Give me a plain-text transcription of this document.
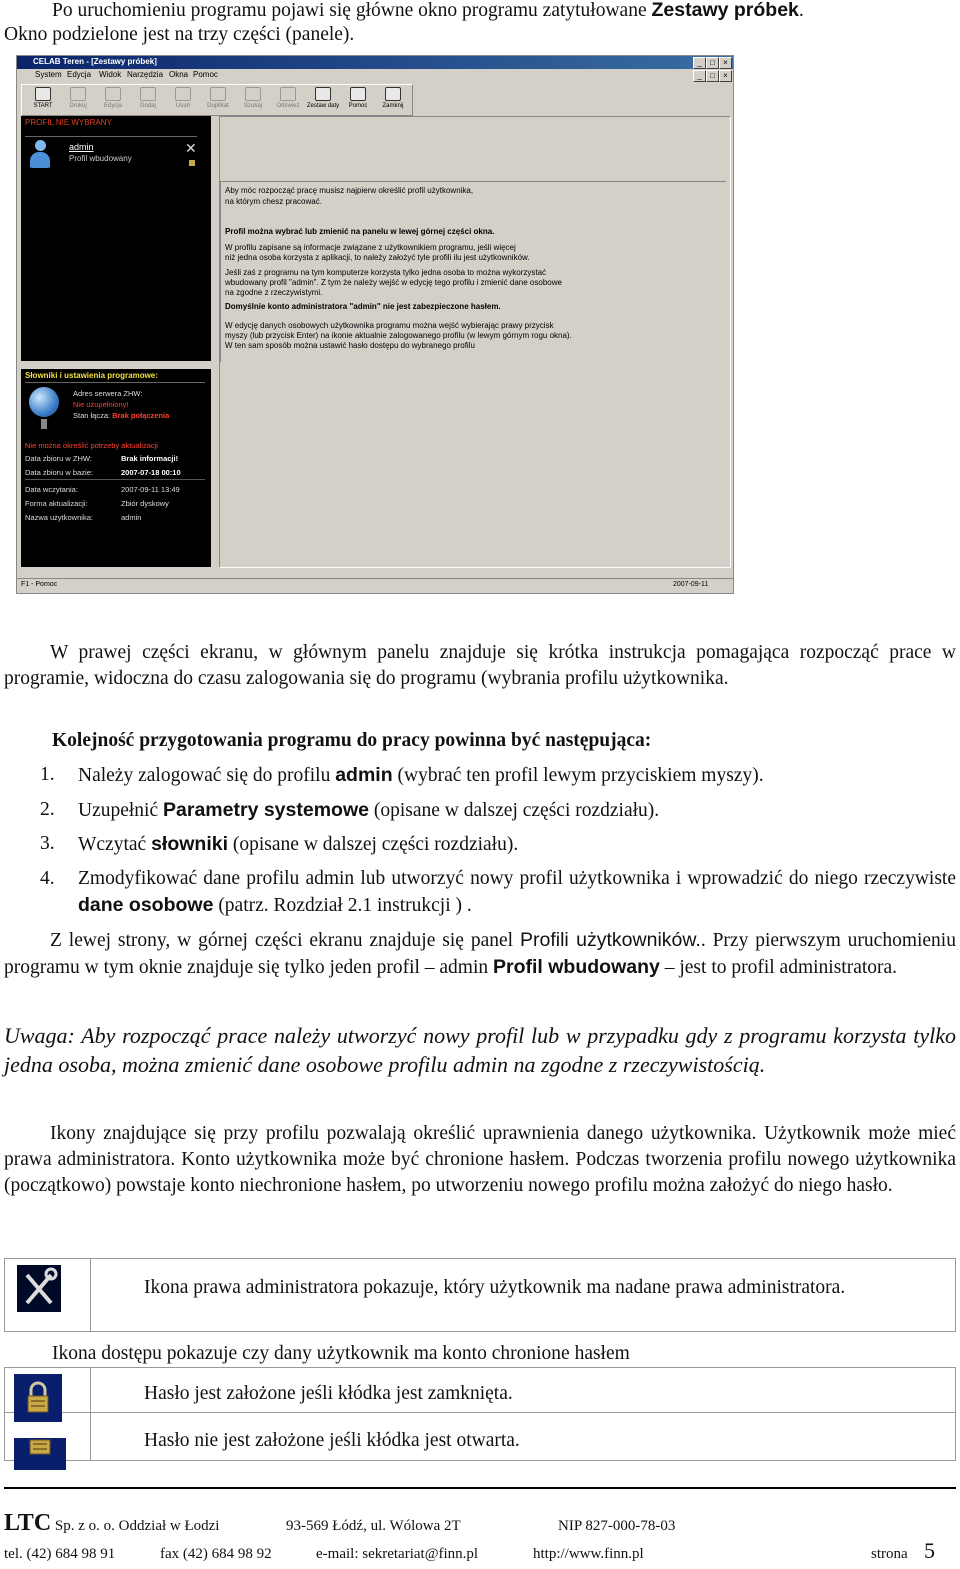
Po uruchomieniu programu pojawi się główne okno programu zatytułowane Zestawy próbek.
Okno podzielone jest na trzy części (panele).
CELAB Teren - [Zestawy próbek]	_	□	×
System Edycja Widok Narzędzia Okna Pomoc	_	□	×
START	Drukuj	Edycja	Dodaj	Usuń	Duplikat	Szukaj	Odśwież	Zestaw daty	Pomoc	Zamknij
PROFIL NIE WYBRANY
admin
Profil wbudowany
✕
Słowniki i ustawienia programowe:
Adres serwera ZHW:
Nie uzupełniony!
Stan łącza: Brak połączenia
Nie można określić potrzeby aktualizacji
Data zbioru w ZHW:	Brak informacji!
Data zbioru w bazie:	2007-07-18 00:10
Data wczytania:	2007-09-11 13:49
Forma aktualizacji:	Zbiór dyskowy
Nazwa użytkownika:	admin
Aby móc rozpocząć pracę musisz najpierw określić profil użytkownika,
na którym chesz pracować.
Profil można wybrać lub zmienić na panelu w lewej górnej części okna.
W profilu zapisane są informacje związane z użytkownikiem programu, jeśli więcej
niż jedna osoba korzysta z aplikacji, to należy założyć tyle profili ilu jest użytkowników.
Jeśli zaś z programu na tym komputerze korzysta tylko jedna osoba to można wykorzystać
wbudowany profil "admin". Z tym że należy wejść w edycję tego profilu i zmienić dane osobowe
na zgodne z rzeczywistymi.
Domyślnie konto administratora "admin" nie jest zabezpieczone hasłem.
W edycję danych osobowych użytkownika programu można wejść wybierając prawy przycisk
myszy (lub przycisk Enter) na ikonie aktualnie zalogowanego profilu (w lewym górnym rogu okna).
W ten sam sposób można ustawić hasło dostępu do wybranego profilu
F1 - Pomoc	2007-09-11
W prawej części ekranu, w głównym panelu znajduje się krótka instrukcja pomagająca rozpocząć prace w programie, widoczna do czasu zalogowania się do programu (wybrania profilu użytkownika.
Kolejność przygotowania programu do pracy powinna być następująca:
1. Należy zalogować się do profilu admin (wybrać ten profil lewym przyciskiem myszy).
2. Uzupełnić Parametry systemowe (opisane w dalszej części rozdziału).
3. Wczytać słowniki (opisane w dalszej części rozdziału).
4. Zmodyfikować dane profilu admin lub utworzyć nowy profil użytkownika i wprowadzić do niego rzeczywiste dane osobowe (patrz. Rozdział 2.1 instrukcji ) .
Z lewej strony, w górnej części ekranu znajduje się panel Profili użytkowników.. Przy pierwszym uruchomieniu programu w tym oknie znajduje się tylko jeden profil – admin Profil wbudowany – jest to profil administratora.
Uwaga: Aby rozpocząć prace należy utworzyć nowy profil lub w przypadku gdy z programu korzysta tylko jedna osoba, można zmienić dane osobowe profilu admin na zgodne z rzeczywistością.
Ikony znajdujące się przy profilu pozwalają określić uprawnienia danego użytkownika. Użytkownik może mieć prawa administratora. Konto użytkownika może być chronione hasłem. Podczas tworzenia profilu nowego użytkownika (początkowo) powstaje konto niechronione hasłem, po utworzeniu nowego profilu można założyć do niego hasło.
Ikona prawa administratora pokazuje, który użytkownik ma nadane prawa administratora.
Ikona dostępu pokazuje czy dany użytkownik ma konto chronione hasłem
Hasło jest założone jeśli kłódka jest zamknięta.
Hasło nie jest założone jeśli kłódka jest otwarta.
LTC Sp. z o. o. Oddział w Łodzi	93-569 Łódź, ul. Wólowa 2T	NIP 827-000-78-03
tel. (42) 684 98 91	fax (42) 684 98 92	e-mail: sekretariat@finn.pl	http://www.finn.pl	strona 5
